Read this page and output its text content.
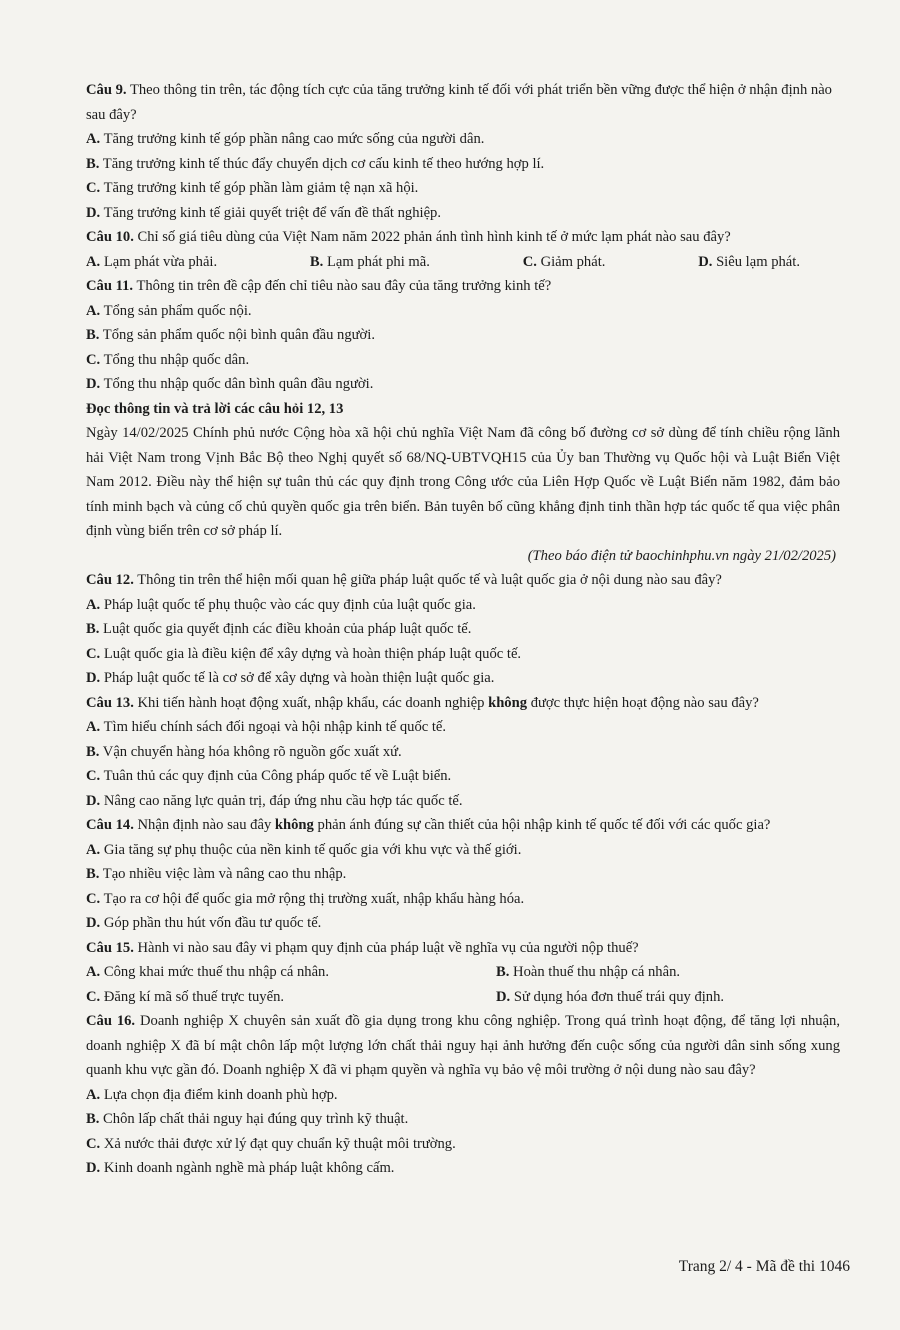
Câu 9. Theo thông tin trên, tác động tích cực của tăng trưởng kinh tế đối với phát triển bền vững được thể hiện ở nhận định nào sau đây?
A. Tăng trưởng kinh tế góp phần nâng cao mức sống của người dân.
B. Tăng trưởng kinh tế thúc đẩy chuyển dịch cơ cấu kinh tế theo hướng hợp lí.
C. Tăng trưởng kinh tế góp phần làm giảm tệ nạn xã hội.
D. Tăng trưởng kinh tế giải quyết triệt để vấn đề thất nghiệp.
Câu 10. Chỉ số giá tiêu dùng của Việt Nam năm 2022 phản ánh tình hình kinh tế ở mức lạm phát nào sau đây?
A. Lạm phát vừa phải.	B. Lạm phát phi mã.	C. Giảm phát.	D. Siêu lạm phát.
Câu 11. Thông tin trên đề cập đến chỉ tiêu nào sau đây của tăng trưởng kinh tế?
A. Tổng sản phẩm quốc nội.
B. Tổng sản phẩm quốc nội bình quân đầu người.
C. Tổng thu nhập quốc dân.
D. Tổng thu nhập quốc dân bình quân đầu người.
Đọc thông tin và trả lời các câu hỏi 12, 13
Ngày 14/02/2025 Chính phủ nước Cộng hòa xã hội chủ nghĩa Việt Nam đã công bố đường cơ sở dùng để tính chiều rộng lãnh hải Việt Nam trong Vịnh Bắc Bộ theo Nghị quyết số 68/NQ-UBTVQH15 của Ủy ban Thường vụ Quốc hội và Luật Biển Việt Nam 2012. Điều này thể hiện sự tuân thủ các quy định trong Công ước của Liên Hợp Quốc về Luật Biển năm 1982, đảm bảo tính minh bạch và củng cố chủ quyền quốc gia trên biển. Bản tuyên bố cũng khẳng định tinh thần hợp tác quốc tế qua việc phân định vùng biển trên cơ sở pháp lí.
(Theo báo điện tử baochinhphu.vn ngày 21/02/2025)
Câu 12. Thông tin trên thể hiện mối quan hệ giữa pháp luật quốc tế và luật quốc gia ở nội dung nào sau đây?
A. Pháp luật quốc tế phụ thuộc vào các quy định của luật quốc gia.
B. Luật quốc gia quyết định các điều khoản của pháp luật quốc tế.
C. Luật quốc gia là điều kiện để xây dựng và hoàn thiện pháp luật quốc tế.
D. Pháp luật quốc tế là cơ sở để xây dựng và hoàn thiện luật quốc gia.
Câu 13. Khi tiến hành hoạt động xuất, nhập khẩu, các doanh nghiệp không được thực hiện hoạt động nào sau đây?
A. Tìm hiểu chính sách đối ngoại và hội nhập kinh tế quốc tế.
B. Vận chuyển hàng hóa không rõ nguồn gốc xuất xứ.
C. Tuân thủ các quy định của Công pháp quốc tế về Luật biển.
D. Nâng cao năng lực quản trị, đáp ứng nhu cầu hợp tác quốc tế.
Câu 14. Nhận định nào sau đây không phản ánh đúng sự cần thiết của hội nhập kinh tế quốc tế đối với các quốc gia?
A. Gia tăng sự phụ thuộc của nền kinh tế quốc gia với khu vực và thế giới.
B. Tạo nhiều việc làm và nâng cao thu nhập.
C. Tạo ra cơ hội để quốc gia mở rộng thị trường xuất, nhập khẩu hàng hóa.
D. Góp phần thu hút vốn đầu tư quốc tế.
Câu 15. Hành vi nào sau đây vi phạm quy định của pháp luật về nghĩa vụ của người nộp thuế?
A. Công khai mức thuế thu nhập cá nhân.	B. Hoàn thuế thu nhập cá nhân.
C. Đăng kí mã số thuế trực tuyến.	D. Sử dụng hóa đơn thuế trái quy định.
Câu 16. Doanh nghiệp X chuyên sản xuất đồ gia dụng trong khu công nghiệp. Trong quá trình hoạt động, để tăng lợi nhuận, doanh nghiệp X đã bí mật chôn lấp một lượng lớn chất thải nguy hại ảnh hưởng đến cuộc sống của người dân sinh sống xung quanh khu vực gần đó. Doanh nghiệp X đã vi phạm quyền và nghĩa vụ bảo vệ môi trường ở nội dung nào sau đây?
A. Lựa chọn địa điểm kinh doanh phù hợp.
B. Chôn lấp chất thải nguy hại đúng quy trình kỹ thuật.
C. Xả nước thải được xử lý đạt quy chuẩn kỹ thuật môi trường.
D. Kinh doanh ngành nghề mà pháp luật không cấm.
Trang 2/ 4 - Mã đề thi 1046
